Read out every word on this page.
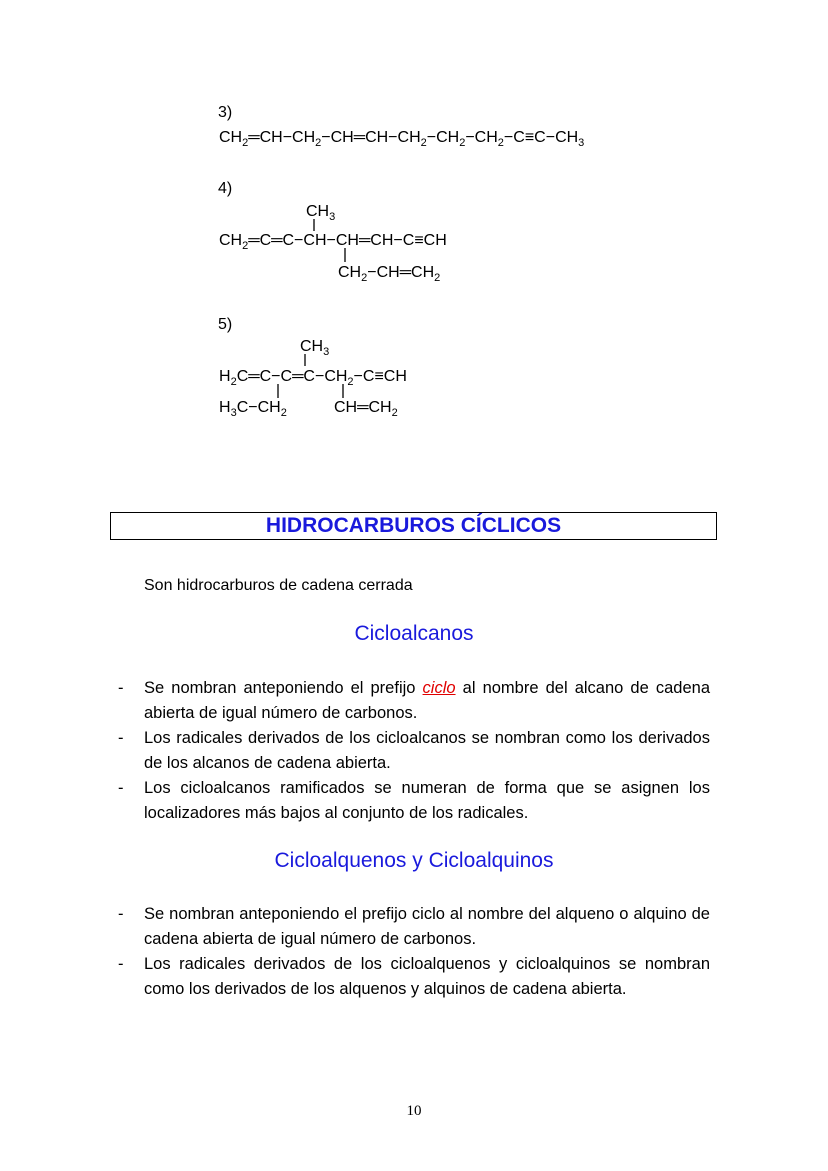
3)
$CH_2═CH-CH_2-CH═CH-CH_2-CH_2-CH_2-C\equiv C-CH_3$
4)
$CH_3$
$CH_2═C═C-CH-CH═CH-C\equiv CH$
$CH_2-CH═CH_2$
5)
$CH_3$
$H_2C═C-C═C-CH_2-C\equiv CH$
$H_3C-CH_2$	$CH═CH_2$
HIDROCARBUROS CÍCLICOS
Son hidrocarburos de cadena cerrada
Cicloalcanos
- Se nombran anteponiendo el prefijo ciclo al nombre del alcano de cadena abierta de igual número de carbonos.
- Los radicales derivados de los cicloalcanos se nombran como los derivados de los alcanos de cadena abierta.
- Los cicloalcanos ramificados se numeran de forma que se asignen los localizadores más bajos al conjunto de los radicales.
Cicloalquenos y Cicloalquinos
- Se nombran anteponiendo el prefijo ciclo al nombre del alqueno o alquino de cadena abierta de igual número de carbonos.
- Los radicales derivados de los cicloalquenos y cicloalquinos se nombran como los derivados de los alquenos y alquinos de cadena abierta.
10
